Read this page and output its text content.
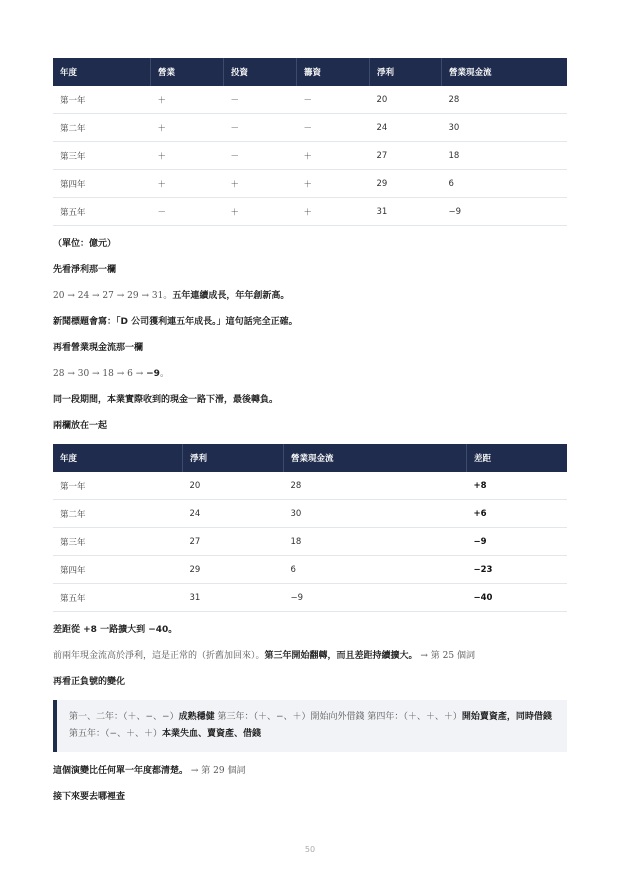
年度	營業	投資	籌資	淨利	營業現金流
第一年	＋	－	－	20	28
第二年	＋	－	－	24	30
第三年	＋	－	＋	27	18
第四年	＋	＋	＋	29	6
第五年	－	＋	＋	31	−9

（單位：億元）

先看淨利那一欄

20 → 24 → 27 → 29 → 31。五年連續成長，年年創新高。

新聞標題會寫：「D 公司獲利連五年成長。」這句話完全正確。

再看營業現金流那一欄

28 → 30 → 18 → 6 → −9。

同一段期間，本業實際收到的現金一路下滑，最後轉負。

兩欄放在一起

年度	淨利	營業現金流	差距
第一年	20	28	+8
第二年	24	30	+6
第三年	27	18	−9
第四年	29	6	−23
第五年	31	−9	−40

差距從 +8 一路擴大到 −40。

前兩年現金流高於淨利，這是正常的（折舊加回來）。第三年開始翻轉，而且差距持續擴大。 → 第 25 個詞

再看正負號的變化

第一、二年：（＋、−、−）成熟穩健 第三年：（＋、−、＋）開始向外借錢 第四年：（＋、＋、＋）開始賣資產，同時借錢 第五年：（−、＋、＋）本業失血、賣資產、借錢

這個演變比任何單一年度都清楚。 → 第 29 個詞

接下來要去哪裡查

50
